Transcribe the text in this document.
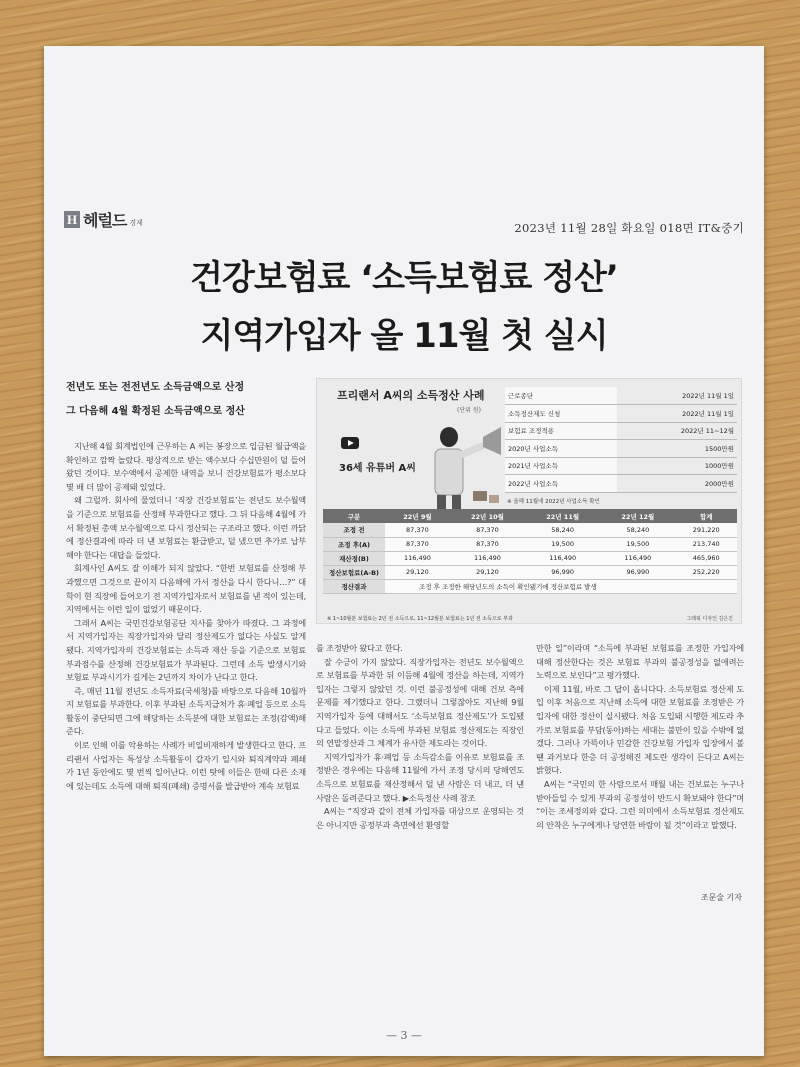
H 헤럴드 경제	2023년 11월 28일 화요일 018면 IT&중기
건강보험료 ‘소득보험료 정산’
지역가입자 올 11월 첫 실시
전년도 또는 전전년도 소득금액으로 산정
그 다음해 4월 확정된 소득금액으로 정산
프리랜서 A씨의 소득정산 사례
(단위 원)
36세 유튜버 A씨
근로종단	2022년 11월 1일
소득정산제도 신청	2022년 11월 1일
보험료 조정적용	2022년 11~12월
2020년 사업소득	1500만원
2021년 사업소득	1000만원
2022년 사업소득	2000만원
※ 올해 11월에 2022년 사업소득 확인
구분	22년 9월	22년 10월	22년 11월	22년 12월	합계
조정 전	87,370	87,370	58,240	58,240	291,220
조정 후(A)	87,370	87,370	19,500	19,500	213,740
재산정(B)	116,490	116,490	116,490	116,490	465,960
정산보험료(A-B)	29,120	29,120	96,990	96,990	252,220
정산결과	조정 후 조정한 해당년도의 소득이 확인됐기에 정산보험료 발생				
※ 1~10월분 보험료는 2년 전 소득으로, 11~12월분 보험료는 1년 전 소득으로 부과	그래픽 디자인 김은진

지난해 4월 회계법인에 근무하는 A 씨는 봉장으로 입금된 월급액을 확인하고 깜짝 놀랐다. 평상적으로 받는 액수보다 수십만원이 덜 들어왔던 것이다. 보수액에서 공제한 내역을 보니 건강보험료가 평소보다 몇 배 더 많이 공제돼 있었다.

왜 그럴까. 회사에 물었더니 ‘직장 건강보험료’는 전년도 보수월액을 기준으로 보험료를 산정해 부과한다고 했다. 그 뒤 다음해 4월에 가서 확정된 총액 보수월액으로 다시 정산되는 구조라고 했다. 이런 까닭에 정산결과에 따라 더 낸 보험료는 환급받고, 덜 냈으면 추가로 납부해야 한다는 대답을 들었다.

회계사인 A씨도 잘 이해가 되지 않았다. “한번 보험료를 산정해 부과했으면 그것으로 끝이지 다음해에 가서 정산을 다시 한다니…?” 대학이 현 직장에 들어오기 전 지역가입자로서 보험료를 낸 적이 있는데, 지역에서는 이런 일이 없었기 때문이다.

그래서 A씨는 국민건강보험공단 지사를 찾아가 따졌다. 그 과정에서 지역가입자는 직장가입자와 달리 정산제도가 없다는 사실도 알게 됐다. 지역가입자의 건강보험료는 소득과 재산 등을 기준으로 보험료 부과점수를 산정해 건강보험료가 부과된다. 그런데 소득 발생시기와 보험료 부과시기가 길게는 2년까지 차이가 난다고 한다.

즉, 매년 11월 전년도 소득자료(국세청)를 바탕으로 다음해 10월까지 보험료를 부과한다. 이후 부과된 소득지급처가 휴·폐업 등으로 소득활동이 중단되면 그에 해당하는 소득분에 대한 보험료는 조정(감액)해 준다.

이로 인해 이를 악용하는 사례가 비일비재하게 발생한다고 한다. 프리랜서 사업자는 특성상 소득활동이 갑자기 일시와 퇴직계약과 폐쇄가 1년 동안에도 몇 번씩 일어난다. 이런 탓에 이들은 한때 다른 소재에 있는데도 소득에 대해 퇴직(폐쇄) 증명서를 발급받아 계속 보험료

를 조정받아 왔다고 한다.

잘 수긍이 가지 않았다. 직장가입자는 전년도 보수월액으로 보험료를 부과한 뒤 이듬해 4월에 정산을 하는데, 지역가입자는 그렇지 않았던 것. 이런 불공정성에 대해 건보 측에 문제를 제기했다고 한다. 그랬더니 그렇잖아도 지난해 9월 지역가입자 등에 대해서도 ‘소득보험료 정산제도’가 도입됐다고 들었다. 이는 소득에 부과된 보험료 정산제도는 직장인의 연말정산과 그 체계가 유사한 제도라는 것이다.

지역가입자가 휴·폐업 등 소득감소를 이유로 보험료를 조정받은 경우에는 다음해 11월에 가서 조정 당시의 당해연도 소득으로 보험료를 재산정해서 덜 낸 사람은 더 내고, 더 낸 사람은 돌려준다고 했다. ▶소득정산 사례 참조

A씨는 “직장과 같이 전체 가입자를 대상으로 운영되는 것은 아니지만 공정부과 측면에선 환영할

만한 일”이라며 “소득에 부과된 보험료를 조정한 가입자에 대해 정산한다는 것은 보험료 부과의 불공정성을 없애려는 노력으로 보인다”고 평가했다.

이제 11월, 바로 그 답이 옵니다다. 소득보험료 정산제 도입 이후 처음으로 지난해 소득에 대한 보험료를 조정받은 가입자에 대한 정산이 실시됐다. 처음 도입돼 시행한 제도라 추가로 보험료를 부담(동아)하는 세대는 불만이 있을 수밖에 없겠다. 그러나 가뜩이나 민감한 건강보험 가입자 입장에서 볼 땐 과거보다 한층 더 공정해진 제도란 생각이 든다고 A씨는 밝혔다.

A씨는 “국민의 한 사람으로서 매월 내는 건보료는 누구나 받아들일 수 있게 부과의 공정성이 반드시 확보돼야 한다”며 “이는 조세정의와 같다. 그런 의미에서 소득보험료 정산제도의 안착은 누구에게나 당연한 바람이 될 것”이라고 말했다.

조문술 기자
— 3 —
